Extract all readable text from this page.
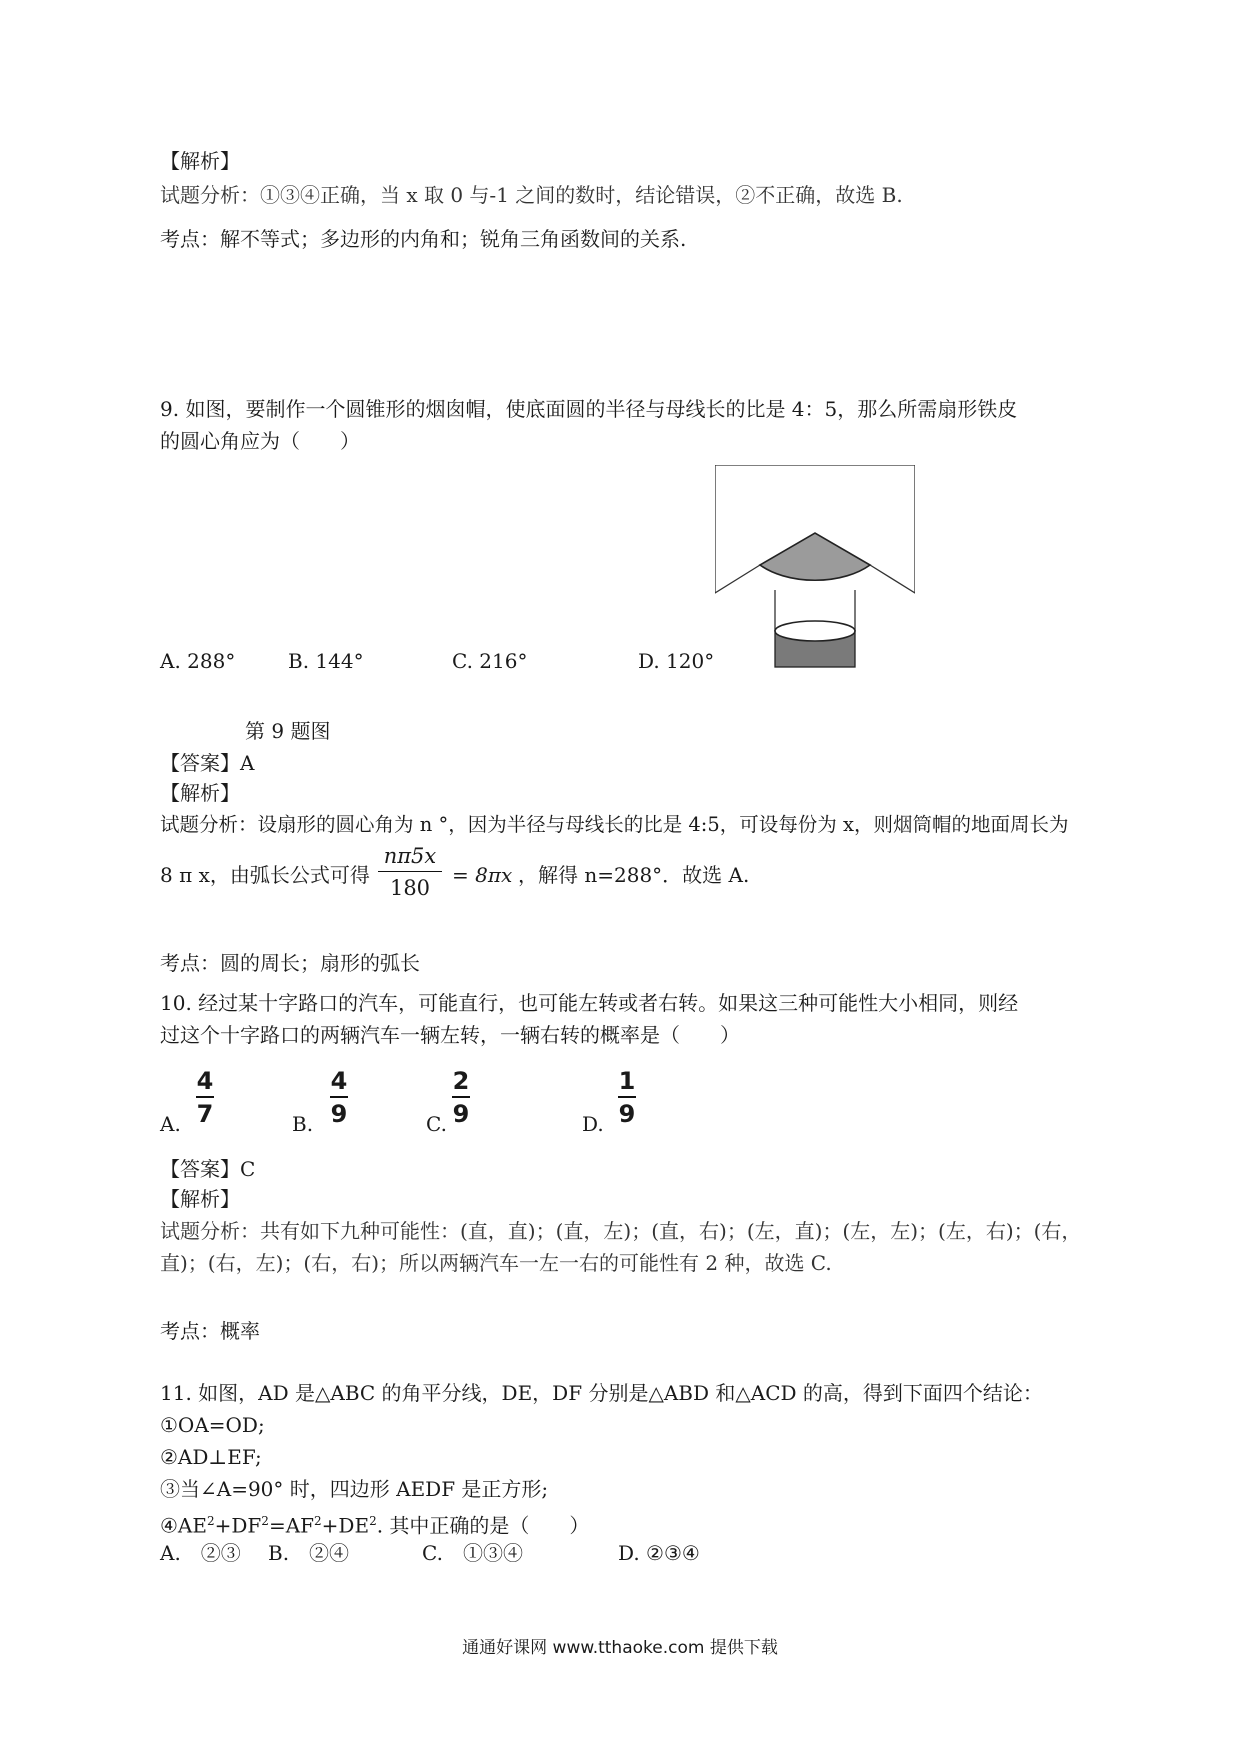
【解析】
试题分析：①③④正确，当 x 取 0 与-1 之间的数时，结论错误，②不正确，故选 B.
考点：解不等式；多边形的内角和；锐角三角函数间的关系.
9. 如图，要制作一个圆锥形的烟囱帽，使底面圆的半径与母线长的比是 4：5，那么所需扇形铁皮
的圆心角应为（　　）
A. 288°	B. 144°	C. 216°	D. 120°
第 9 题图
【答案】A
【解析】
试题分析：设扇形的圆心角为 n °，因为半径与母线长的比是 4:5，可设每份为 x，则烟筒帽的地面周长为
8 π x，由弧长公式可得
nπ5x
180
= 8πx ，解得 n=288°．故选 A.
考点：圆的周长；扇形的弧长
10. 经过某十字路口的汽车，可能直行，也可能左转或者右转。如果这三种可能性大小相同，则经
过这个十字路口的两辆汽车一辆左转，一辆右转的概率是（　　）
A.
4
7	B.
4
9	C.
2
9	D.
1
9
【答案】C
【解析】
试题分析：共有如下九种可能性：(直，直)；(直，左)；(直，右)；(左，直)；(左，左)；(左，右)；(右，
直)；(右，左)；(右，右)；所以两辆汽车一左一右的可能性有 2 种，故选 C.
考点：概率
11. 如图，AD 是△ABC 的角平分线，DE，DF 分别是△ABD 和△ACD 的高，得到下面四个结论：
①OA=OD;
②AD⊥EF;
③当∠A=90° 时，四边形 AEDF 是正方形;
$④AE^2+DF^2=AF^2+DE^2$. 其中正确的是（　　）
A.　②③ B.　②④	C.　①③④	D. ②③④
通通好课网 www.tthaoke.com 提供下载
